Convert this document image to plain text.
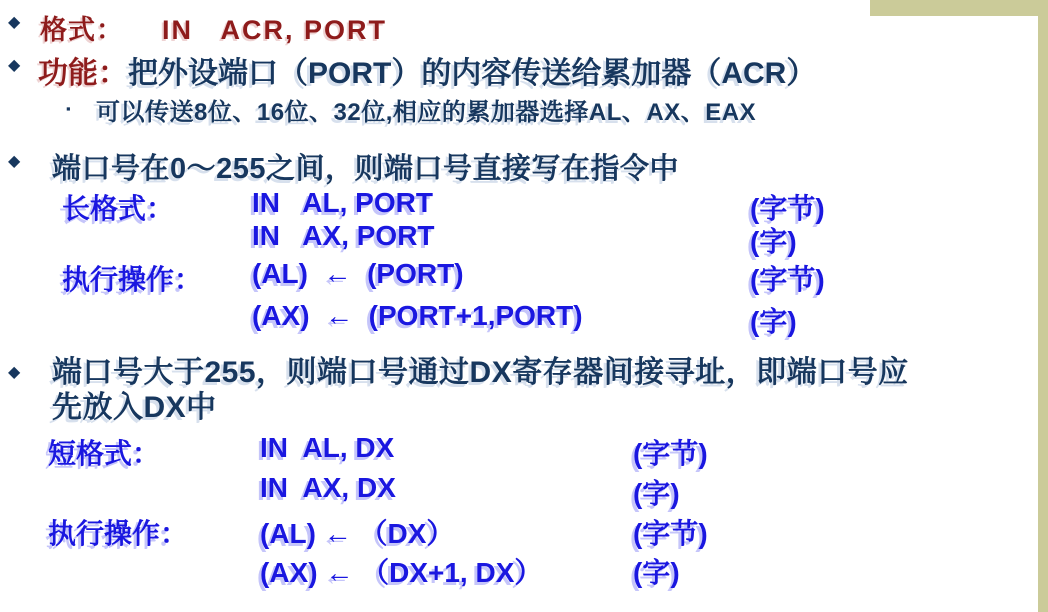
◆
◆
◆
◆
▪
格式： IN   ACR, PORT
功能：把外设端口（PORT）的内容传送给累加器（ACR）
可以传送8位、16位、32位,相应的累加器选择AL、AX、EAX
端口号在0～255之间，则端口号直接写在指令中
长格式：	IN   AL, PORT	(字节)
IN   AX, PORT	(字)
执行操作：	(AL)  ←  (PORT)	(字节)
(AX)  ←  (PORT+1,PORT)	(字)
端口号大于255，则端口号通过DX寄存器间接寻址，即端口号应
先放入DX中
短格式：	IN  AL, DX	(字节)
IN  AX, DX	(字)
执行操作：	(AL) ← （DX）	(字节)
(AX) ← （DX+1, DX）	(字)
